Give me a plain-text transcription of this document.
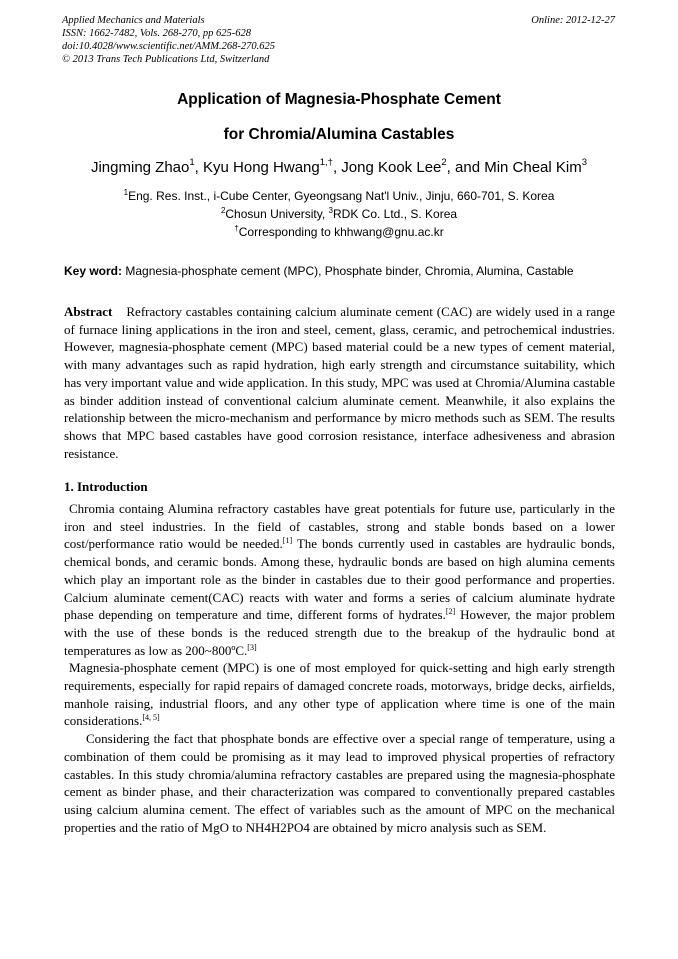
Applied Mechanics and Materials
ISSN: 1662-7482, Vols. 268-270, pp 625-628
doi:10.4028/www.scientific.net/AMM.268-270.625
© 2013 Trans Tech Publications Ltd, Switzerland
Online: 2012-12-27
Application of Magnesia-Phosphate Cement
for Chromia/Alumina Castables
Jingming Zhao$^1$, Kyu Hong Hwang$^{1,\dagger}$, Jong Kook Lee$^2$, and Min Cheal Kim$^3$
$^1$Eng. Res. Inst., i-Cube Center, Gyeongsang Nat'l Univ., Jinju, 660-701, S. Korea
$^2$Chosun University, $^3$RDK Co. Ltd., S. Korea
†Corresponding to khhwang@gnu.ac.kr
Key word: Magnesia-phosphate cement (MPC), Phosphate binder, Chromia, Alumina, Castable
Abstract Refractory castables containing calcium aluminate cement (CAC) are widely used in a range of furnace lining applications in the iron and steel, cement, glass, ceramic, and petrochemical industries. However, magnesia-phosphate cement (MPC) based material could be a new types of cement material, with many advantages such as rapid hydration, high early strength and circumstance suitability, which has very important value and wide application. In this study, MPC was used at Chromia/Alumina castable as binder addition instead of conventional calcium aluminate cement. Meanwhile, it also explains the relationship between the micro-mechanism and performance by micro methods such as SEM. The results shows that MPC based castables have good corrosion resistance, interface adhesiveness and abrasion resistance.
1. Introduction

Chromia containg Alumina refractory castables have great potentials for future use, particularly in the iron and steel industries. In the field of castables, strong and stable bonds based on a lower cost/performance ratio would be needed.[1] The bonds currently used in castables are hydraulic bonds, chemical bonds, and ceramic bonds. Among these, hydraulic bonds are based on high alumina cements which play an important role as the binder in castables due to their good performance and properties. Calcium aluminate cement(CAC) reacts with water and forms a series of calcium aluminate hydrate phase depending on temperature and time, different forms of hydrates.[2] However, the major problem with the use of these bonds is the reduced strength due to the breakup of the hydraulic bond at temperatures as low as 200~800ºC.[3]

Magnesia-phosphate cement (MPC) is one of most employed for quick-setting and high early strength requirements, especially for rapid repairs of damaged concrete roads, motorways, bridge decks, airfields, manhole raising, industrial floors, and any other type of application where time is one of the main considerations.[4, 5]

Considering the fact that phosphate bonds are effective over a special range of temperature, using a combination of them could be promising as it may lead to improved physical properties of refractory castables. In this study chromia/alumina refractory castables are prepared using the magnesia-phosphate cement as binder phase, and their characterization was compared to conventionally prepared castables using calcium alumina cement. The effect of variables such as the amount of MPC on the mechanical properties and the ratio of MgO to NH4H2PO4 are obtained by micro analysis such as SEM.
